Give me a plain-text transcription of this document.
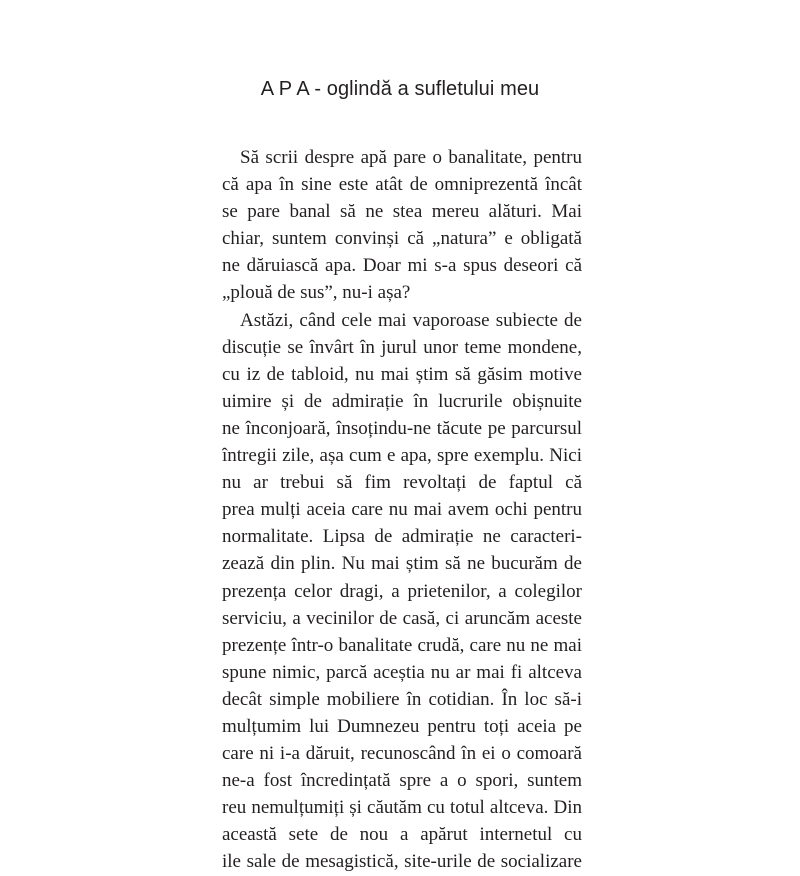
A P A - oglindă a sufletului meu
Să scrii despre apă pare o banalitate, pentru
că apa în sine este atât de omniprezentă încât
se pare banal să ne stea mereu alături. Mai
chiar, suntem convinși că „natura” e obligată
ne dăruiască apa. Doar mi s-a spus deseori că
„plouă de sus”, nu-i așa?
Astăzi, când cele mai vaporoase subiecte de
discuție se învârt în jurul unor teme mondene,
cu iz de tabloid, nu mai știm să găsim motive
uimire și de admirație în lucrurile obișnuite
ne înconjoară, însoțindu-ne tăcute pe parcursul
întregii zile, așa cum e apa, spre exemplu. Nici
nu ar trebui să fim revoltați de faptul că
prea mulți aceia care nu mai avem ochi pentru
normalitate. Lipsa de admirație ne caracteri-
zează din plin. Nu mai știm să ne bucurăm de
prezența celor dragi, a prietenilor, a colegilor
serviciu, a vecinilor de casă, ci aruncăm aceste
prezențe într-o banalitate crudă, care nu ne mai
spune nimic, parcă aceștia nu ar mai fi altceva
decât simple mobiliere în cotidian. În loc să-i
mulțumim lui Dumnezeu pentru toți aceia pe
care ni i-a dăruit, recunoscând în ei o comoară
ne-a fost încredințată spre a o spori, suntem
reu nemulțumiți și căutăm cu totul altceva. Din
această sete de nou a apărut internetul cu
ile sale de mesagistică, site-urile de socializare
